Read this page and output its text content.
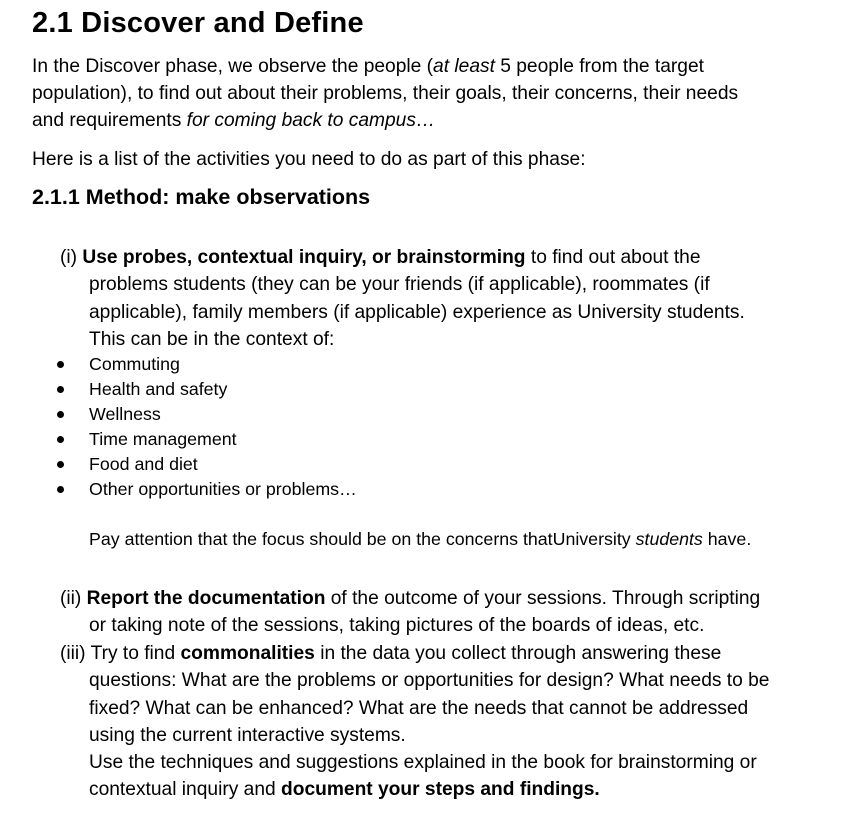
2.1 Discover and Define
In the Discover phase, we observe the people (at least 5 people from the target
population), to find out about their problems, their goals, their concerns, their needs
and requirements for coming back to campus…
Here is a list of the activities you need to do as part of this phase:
2.1.1 Method: make observations
(i) Use probes, contextual inquiry, or brainstorming to find out about the
problems students (they can be your friends (if applicable), roommates (if
applicable), family members (if applicable) experience as University students.
This can be in the context of:
Commuting
Health and safety
Wellness
Time management
Food and diet
Other opportunities or problems…
Pay attention that the focus should be on the concerns thatUniversity students have.
(ii) Report the documentation of the outcome of your sessions. Through scripting
or taking note of the sessions, taking pictures of the boards of ideas, etc.
(iii) Try to find commonalities in the data you collect through answering these
questions: What are the problems or opportunities for design? What needs to be
fixed? What can be enhanced? What are the needs that cannot be addressed
using the current interactive systems.
Use the techniques and suggestions explained in the book for brainstorming or
contextual inquiry and document your steps and findings.
